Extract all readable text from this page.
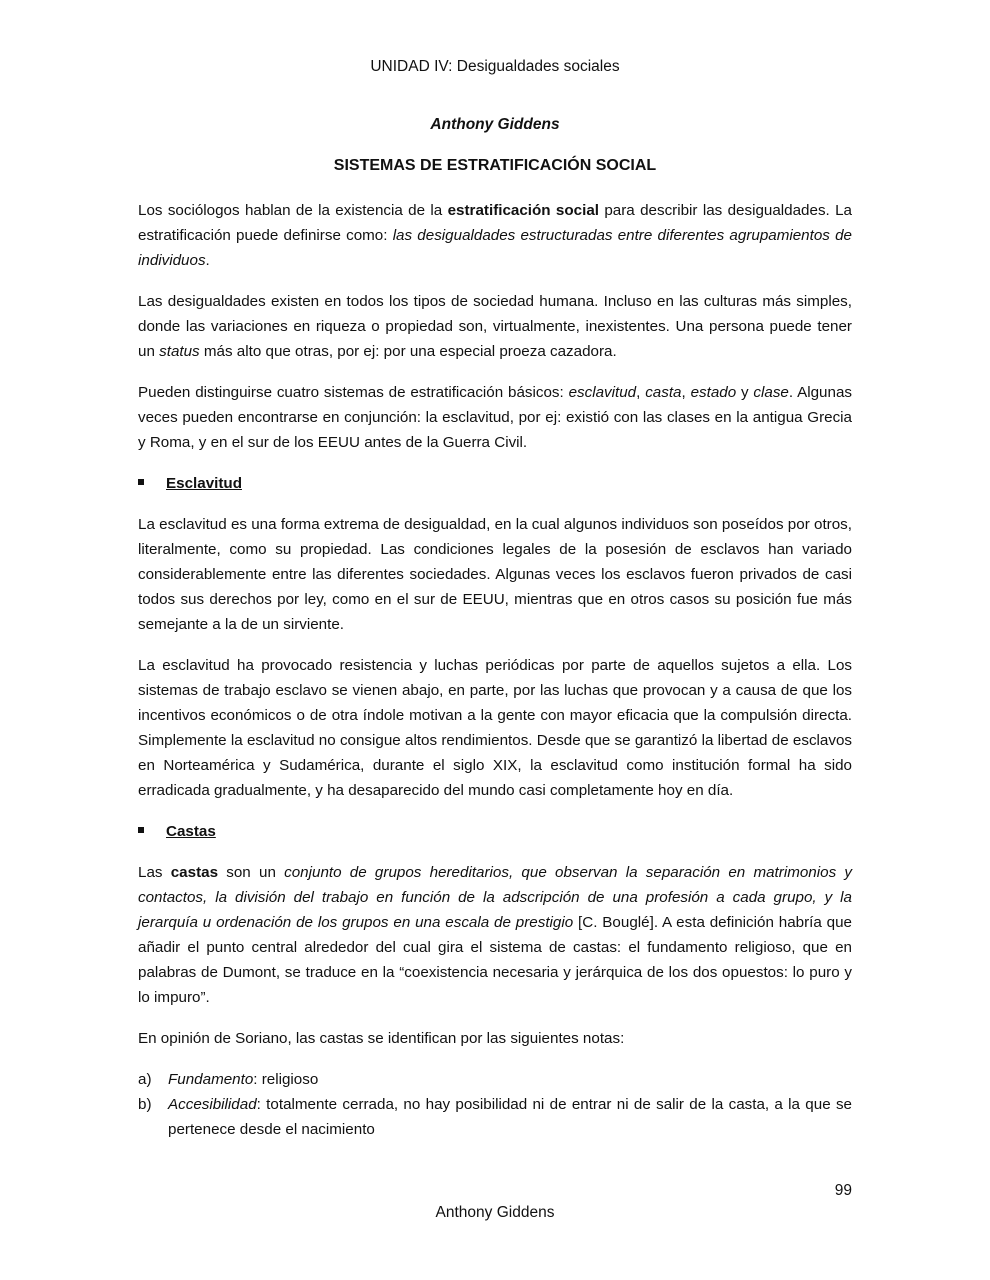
UNIDAD IV: Desigualdades sociales
Anthony Giddens
SISTEMAS DE ESTRATIFICACIÓN SOCIAL

Los sociólogos hablan de la existencia de la estratificación social para describir las desigualdades. La estratificación puede definirse como: las desigualdades estructuradas entre diferentes agrupamientos de individuos.

Las desigualdades existen en todos los tipos de sociedad humana. Incluso en las culturas más simples, donde las variaciones en riqueza o propiedad son, virtualmente, inexistentes. Una persona puede tener un status más alto que otras, por ej: por una especial proeza cazadora.

Pueden distinguirse cuatro sistemas de estratificación básicos: esclavitud, casta, estado y clase. Algunas veces pueden encontrarse en conjunción: la esclavitud, por ej: existió con las clases en la antigua Grecia y Roma, y en el sur de los EEUU antes de la Guerra Civil.

Esclavitud

La esclavitud es una forma extrema de desigualdad, en la cual algunos individuos son poseídos por otros, literalmente, como su propiedad. Las condiciones legales de la posesión de esclavos han variado considerablemente entre las diferentes sociedades. Algunas veces los esclavos fueron privados de casi todos sus derechos por ley, como en el sur de EEUU, mientras que en otros casos su posición fue más semejante a la de un sirviente.

La esclavitud ha provocado resistencia y luchas periódicas por parte de aquellos sujetos a ella. Los sistemas de trabajo esclavo se vienen abajo, en parte, por las luchas que provocan y a causa de que los incentivos económicos o de otra índole motivan a la gente con mayor eficacia que la compulsión directa. Simplemente la esclavitud no consigue altos rendimientos. Desde que se garantizó la libertad de esclavos en Norteamérica y Sudamérica, durante el siglo XIX, la esclavitud como institución formal ha sido erradicada gradualmente, y ha desaparecido del mundo casi completamente hoy en día.

Castas

Las castas son un conjunto de grupos hereditarios, que observan la separación en matrimonios y contactos, la división del trabajo en función de la adscripción de una profesión a cada grupo, y la jerarquía u ordenación de los grupos en una escala de prestigio [C. Bouglé]. A esta definición habría que añadir el punto central alrededor del cual gira el sistema de castas: el fundamento religioso, que en palabras de Dumont, se traduce en la “coexistencia necesaria y jerárquica de los dos opuestos: lo puro y lo impuro”.

En opinión de Soriano, las castas se identifican por las siguientes notas:

a)	Fundamento: religioso
b)	Accesibilidad: totalmente cerrada, no hay posibilidad ni de entrar ni de salir de la casta, a la que se pertenece desde el nacimiento
99
Anthony Giddens
